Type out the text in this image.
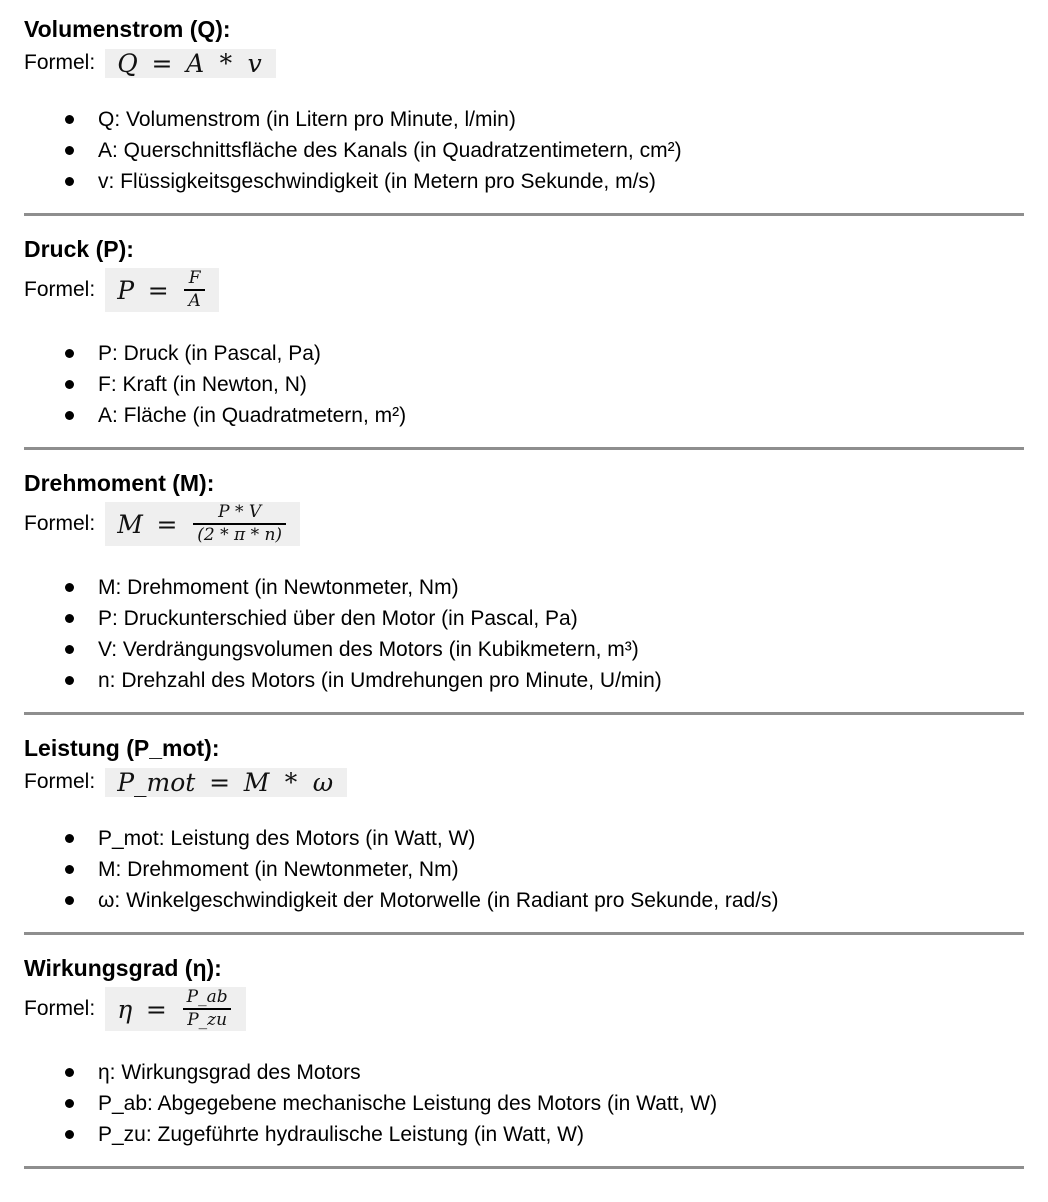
Volumenstrom (Q):
Formel: Q = A * v
Q: Volumenstrom (in Litern pro Minute, l/min)
A: Querschnittsfläche des Kanals (in Quadratzentimetern, cm²)
v: Flüssigkeitsgeschwindigkeit (in Metern pro Sekunde, m/s)
Druck (P):
Formel: $P = \frac{F}{A}$
P: Druck (in Pascal, Pa)
F: Kraft (in Newton, N)
A: Fläche (in Quadratmetern, m²)
Drehmoment (M):
Formel: $M = \frac{P * V}{(2 * \pi * n)}$
M: Drehmoment (in Newtonmeter, Nm)
P: Druckunterschied über den Motor (in Pascal, Pa)
V: Verdrängungsvolumen des Motors (in Kubikmetern, m³)
n: Drehzahl des Motors (in Umdrehungen pro Minute, U/min)
Leistung (P_mot):
Formel: P_mot = M * ω
P_mot: Leistung des Motors (in Watt, W)
M: Drehmoment (in Newtonmeter, Nm)
ω: Winkelgeschwindigkeit der Motorwelle (in Radiant pro Sekunde, rad/s)
Wirkungsgrad (η):
Formel: $\eta = \frac{P\_ab}{P\_zu}$
η: Wirkungsgrad des Motors
P_ab: Abgegebene mechanische Leistung des Motors (in Watt, W)
P_zu: Zugeführte hydraulische Leistung (in Watt, W)
